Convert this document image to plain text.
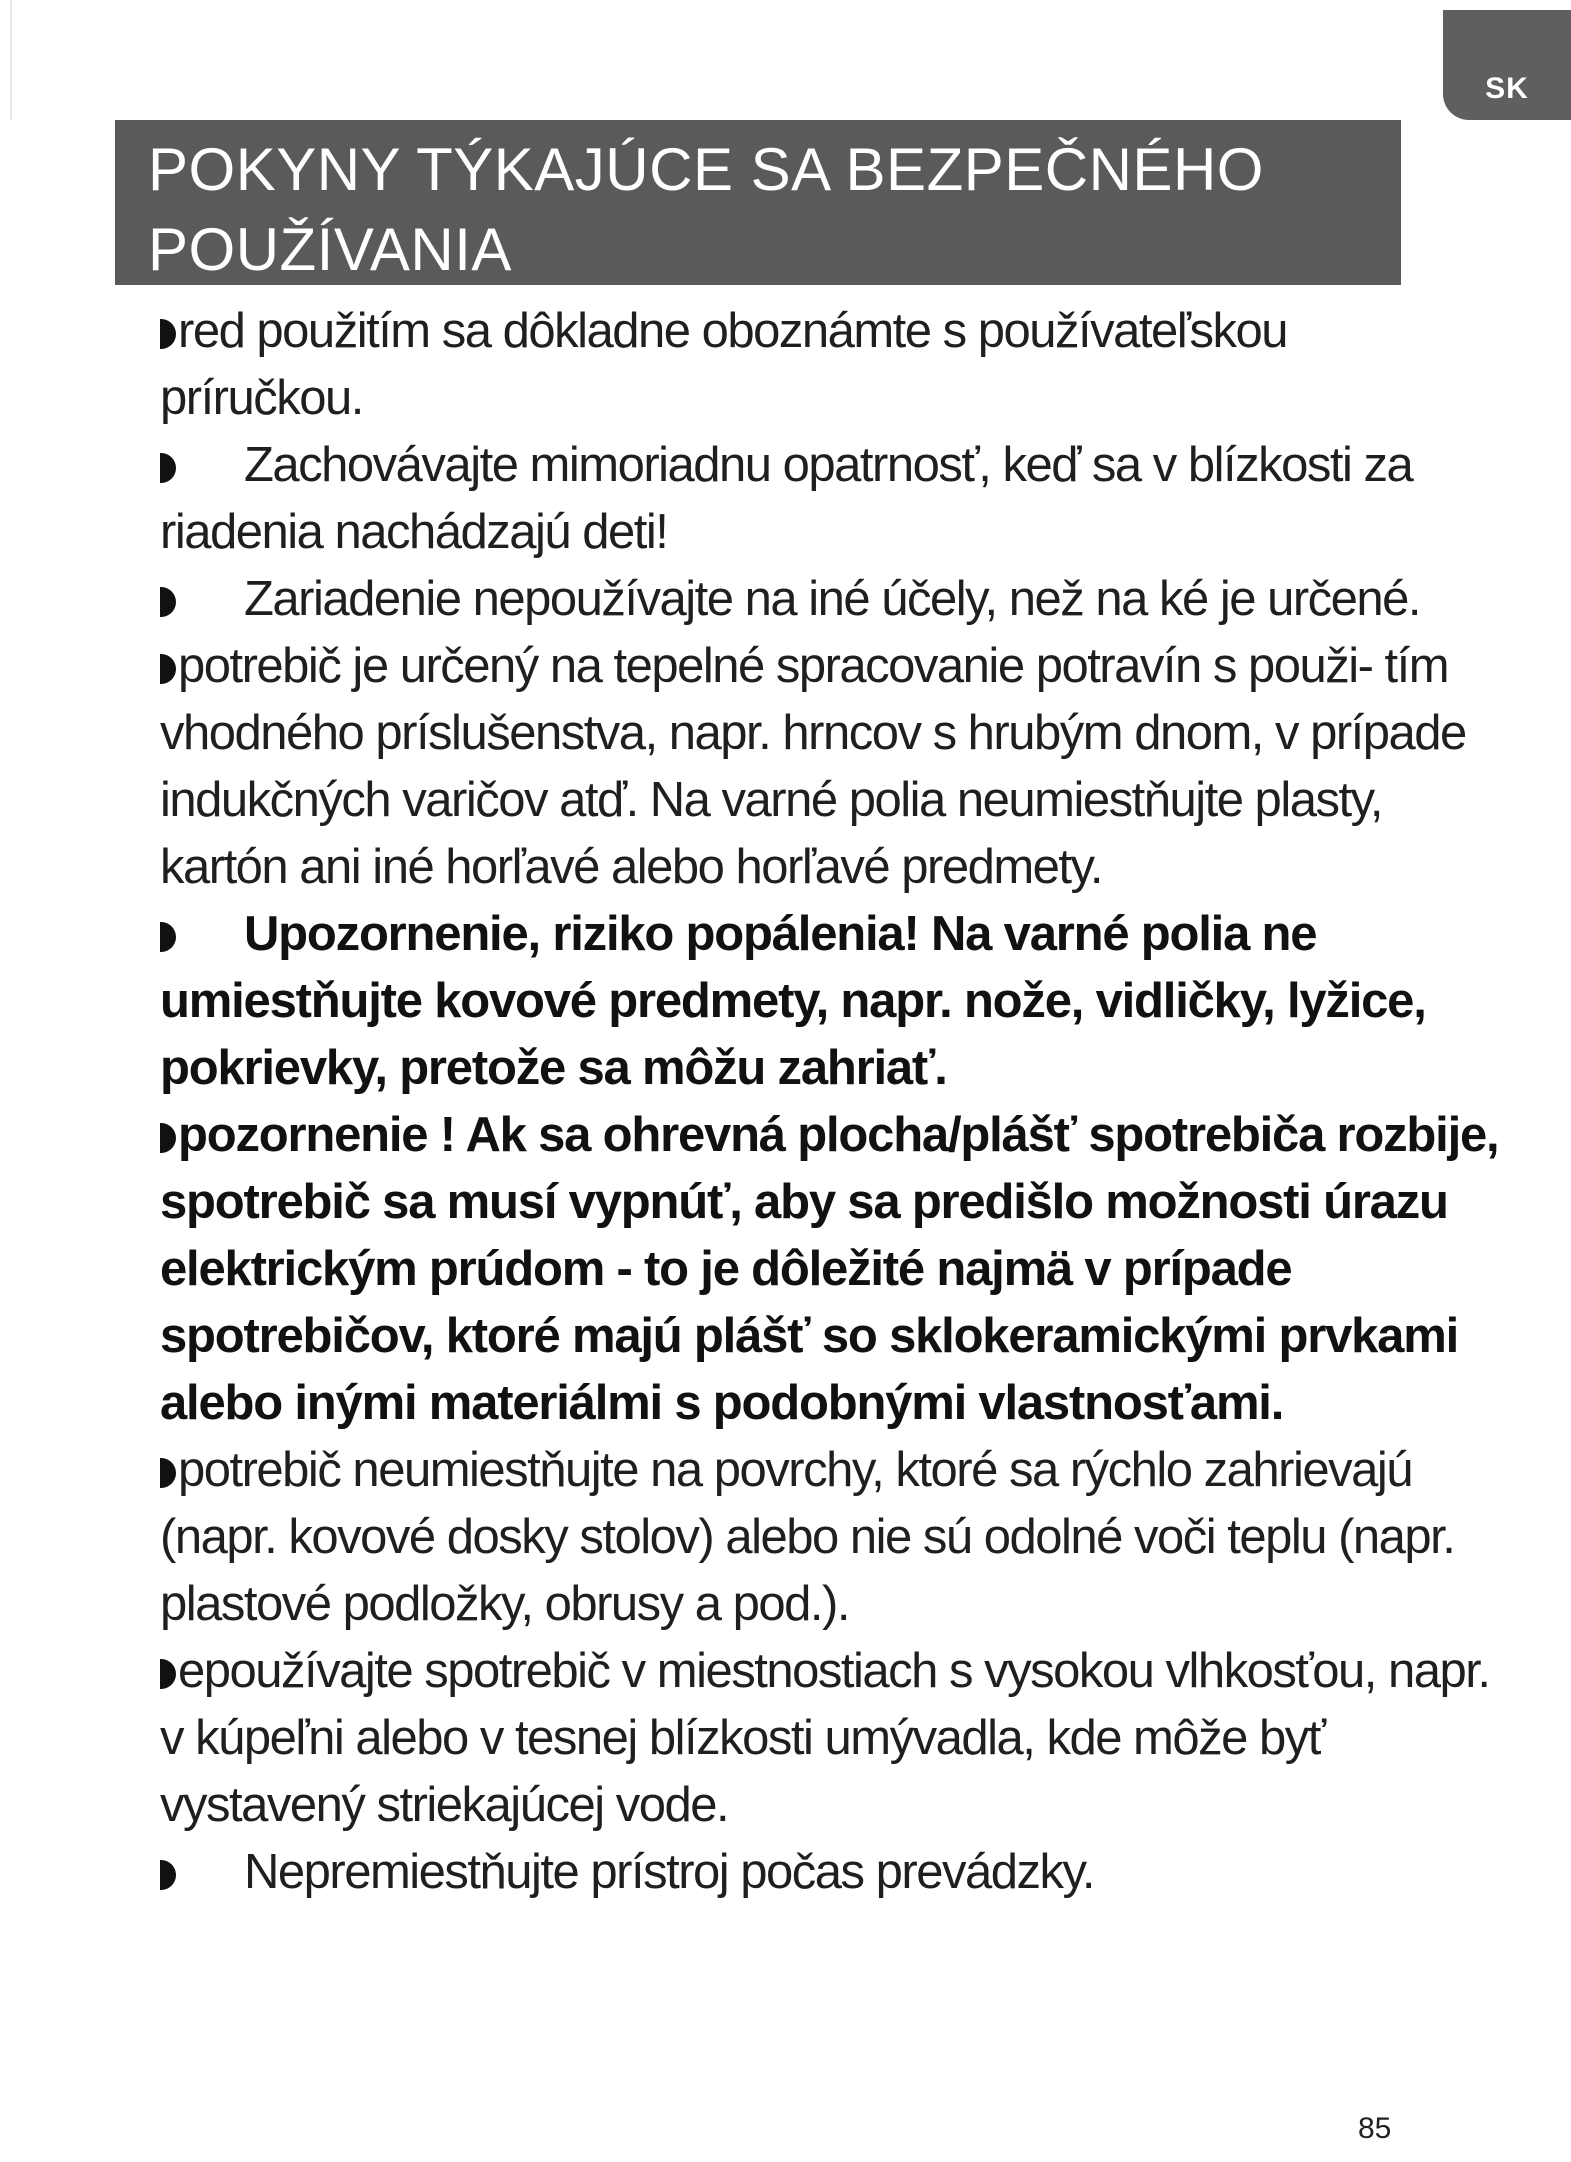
SK
POKYNY TÝKAJÚCE SA BEZPEČNÉHO
POUŽÍVANIA
red použitím sa dôkladne oboznámte s používateľskou príručkou.
Zachovávajte mimoriadnu opatrnosť, keď sa v blízkosti za riadenia nachádzajú deti!
Zariadenie nepoužívajte na iné účely, než na ké je určené.
potrebič je určený na tepelné spracovanie potravín s použi- tím vhodného príslušenstva, napr. hrncov s hrubým dnom, v prípade indukčných varičov atď. Na varné polia neumiestňujte plasty, kartón ani iné horľavé alebo horľavé predmety.
Upozornenie, riziko popálenia! Na varné polia ne umiestňujte kovové predmety, napr. nože, vidličky, lyžice, pokrievky, pretože sa môžu zahriať.
pozornenie ! Ak sa ohrevná plocha/plášť spotrebiča rozbije, spotrebič sa musí vypnúť, aby sa predišlo možnosti úrazu elektrickým prúdom - to je dôležité najmä v prípade spotrebičov, ktoré majú plášť so sklokeramickými prvkami alebo inými materiálmi s podobnými vlastnosťami.
potrebič neumiestňujte na povrchy, ktoré sa rýchlo zahrievajú (napr. kovové dosky stolov) alebo nie sú odolné voči teplu (napr. plastové podložky, obrusy a pod.).
epoužívajte spotrebič v miestnostiach s vysokou vlhkosťou, napr. v kúpeľni alebo v tesnej blízkosti umývadla, kde môže byť vystavený striekajúcej vode.
Nepremiestňujte prístroj počas prevádzky.
85
